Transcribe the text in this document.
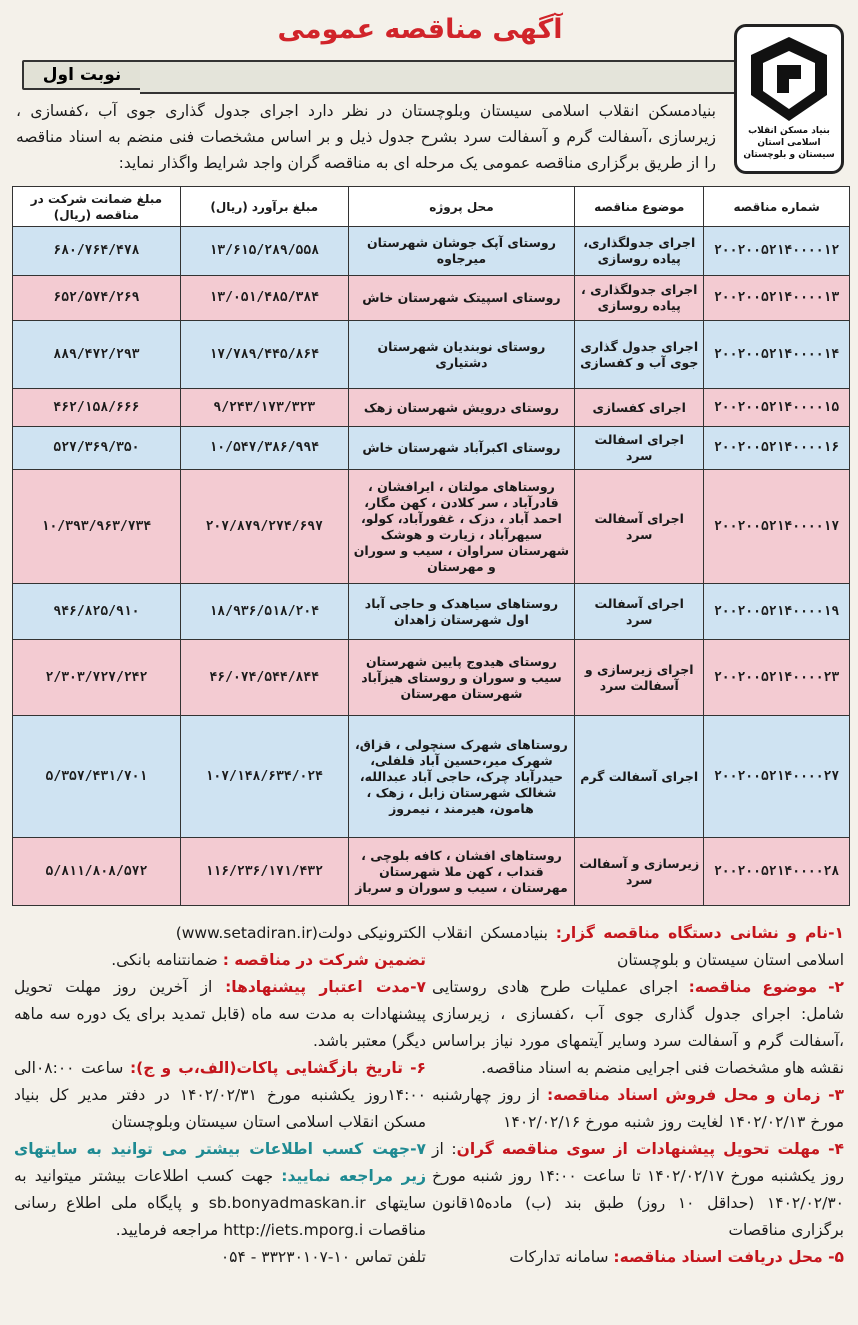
آگهی مناقصه عمومی
نوبت اول
بنیاد مسکن انقلاب اسلامی استان سیستان و بلوچستان

بنیادمسکن انقلاب اسلامی سیستان وبلوچستان در نظر دارد اجرای جدول گذاری جوی آب ،کفسازی ، زیرسازی ،آسفالت گرم و آسفالت سرد بشرح جدول ذیل و بر اساس مشخصات فنی منضم به اسناد مناقصه را از طریق برگزاری مناقصه عمومی یک مرحله ای به مناقصه گران واجد شرایط واگذار نماید:

شماره مناقصه	موضوع مناقصه	محل پروژه	مبلغ برآورد (ریال)	مبلغ ضمانت شرکت در مناقصه (ریال)
۲۰۰۲۰۰۵۲۱۴۰۰۰۰۱۲	اجرای جدولگذاری، پیاده روسازی	روستای آپک جوشان شهرستان میرجاوه	۱۳/۶۱۵/۲۸۹/۵۵۸	۶۸۰/۷۶۴/۴۷۸
۲۰۰۲۰۰۵۲۱۴۰۰۰۰۱۳	اجرای جدولگذاری ، پیاده روسازی	روستای اسپیتک شهرستان خاش	۱۳/۰۵۱/۴۸۵/۳۸۴	۶۵۲/۵۷۴/۲۶۹
۲۰۰۲۰۰۵۲۱۴۰۰۰۰۱۴	اجرای جدول گذاری جوی آب و کفسازی	روستای نوبندیان شهرستان دشتیاری	۱۷/۷۸۹/۴۴۵/۸۶۴	۸۸۹/۴۷۲/۲۹۳
۲۰۰۲۰۰۵۲۱۴۰۰۰۰۱۵	اجرای کفسازی	روستای درویش شهرستان زهک	۹/۲۴۳/۱۷۳/۳۲۳	۴۶۲/۱۵۸/۶۶۶
۲۰۰۲۰۰۵۲۱۴۰۰۰۰۱۶	اجرای اسفالت سرد	روستای اکبرآباد شهرستان خاش	۱۰/۵۴۷/۳۸۶/۹۹۴	۵۲۷/۳۶۹/۳۵۰
۲۰۰۲۰۰۵۲۱۴۰۰۰۰۱۷	اجرای آسفالت سرد	روستاهای مولتان ، ایرافشان ، قادرآباد ، سر کلادن ، کهن مگار، احمد آباد ، دزک ، غفورآباد، کولو، سیهرآباد ، زیارت و هوشک شهرستان سراوان ، سیب و سوران و مهرستان	۲۰۷/۸۷۹/۲۷۴/۶۹۷	۱۰/۳۹۳/۹۶۳/۷۳۴
۲۰۰۲۰۰۵۲۱۴۰۰۰۰۱۹	اجرای آسفالت سرد	روستاهای سیاهدک و حاجی آباد اول شهرستان زاهدان	۱۸/۹۳۶/۵۱۸/۲۰۴	۹۴۶/۸۲۵/۹۱۰
۲۰۰۲۰۰۵۲۱۴۰۰۰۰۲۳	اجرای زیرسازی و آسفالت سرد	روستای هیدوج پایین شهرستان سیب و سوران و روستای هیزآباد شهرستان مهرستان	۴۶/۰۷۴/۵۴۴/۸۴۴	۲/۳۰۳/۷۲۷/۲۴۲
۲۰۰۲۰۰۵۲۱۴۰۰۰۰۲۷	اجرای آسفالت گرم	روستاهای شهرک سنچولی ، قزاق، شهرک میر،حسین آباد فلفلی، حیدرآباد چرک، حاجی آباد عبدالله، شغالک شهرستان زابل ، زهک ، هامون، هیرمند ، نیمروز	۱۰۷/۱۴۸/۶۳۴/۰۲۴	۵/۳۵۷/۴۳۱/۷۰۱
۲۰۰۲۰۰۵۲۱۴۰۰۰۰۲۸	زیرسازی و آسفالت سرد	روستاهای افشان ، کافه بلوچی ، قنداب ، کهن ملا شهرستان مهرستان ، سیب و سوران و سرباز	۱۱۶/۲۳۶/۱۷۱/۴۳۲	۵/۸۱۱/۸۰۸/۵۷۲
۱-نام و نشانی دستگاه مناقصه گزار: بنیادمسکن انقلاب اسلامی استان سیستان و بلوچستان
۲- موضوع مناقصه: اجرای عملیات طرح هادی روستایی شامل: اجرای جدول گذاری جوی آب ،کفسازی ، زیرسازی ،آسفالت گرم و آسفالت سرد وسایر آیتمهای مورد نیاز براساس نقشه هاو مشخصات فنی اجرایی منضم به اسناد مناقصه.
۳- زمان و محل فروش اسناد مناقصه: از روز چهارشنبه مورخ ۱۴۰۲/۰۲/۱۳ لغایت روز شنبه مورخ ۱۴۰۲/۰۲/۱۶
۴- مهلت تحویل پیشنهادات از سوی مناقصه گران: از روز یکشنبه مورخ ۱۴۰۲/۰۲/۱۷ تا ساعت ۱۴:۰۰ روز شنبه مورخ ۱۴۰۲/۰۲/۳۰ (حداقل ۱۰ روز) طبق بند (ب) ماده۱۵قانون برگزاری مناقصات
۵- محل دریافت اسناد مناقصه: سامانه تدارکات
الکترونیکی دولت(www.setadiran.ir)
تضمین شرکت در مناقصه : ضمانتنامه بانکی.
۷-مدت اعتبار پیشنهادها: از آخرین روز مهلت تحویل پیشنهادات به مدت سه ماه (قابل تمدید برای یک دوره سه ماهه دیگر) معتبر باشد.
۶- تاریخ بازگشایی پاکات(الف،ب و ج): ساعت ۰۸:۰۰الی ۱۴:۰۰روز یکشنبه مورخ ۱۴۰۲/۰۲/۳۱ در دفتر مدیر کل بنیاد مسکن انقلاب اسلامی استان سیستان وبلوچستان
۷-جهت کسب اطلاعات بیشتر می توانید به سایتهای زیر مراجعه نمایید: جهت کسب اطلاعات بیشتر میتوانید به سایتهای sb.bonyadmaskan.ir و پایگاه ملی اطلاع رسانی مناقصات http://iets.mporg.i مراجعه فرمایید.
تلفن تماس ۱۰-۳۳۲۳۰۱۰۷ - ۰۵۴
